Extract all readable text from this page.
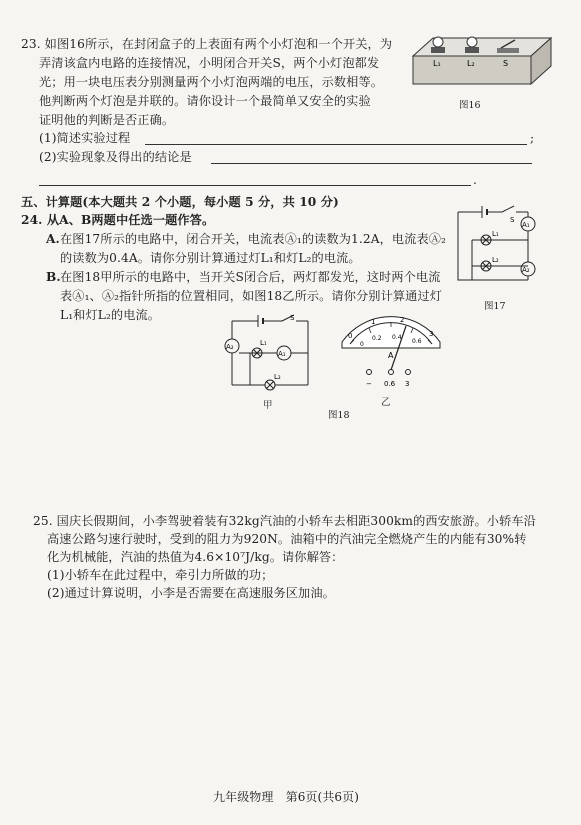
23. 如图16所示，在封闭盒子的上表面有两个小灯泡和一个开关，为
弄清该盒内电路的连接情况，小明闭合开关S，两个小灯泡都发
光；用一块电压表分别测量两个小灯泡两端的电压，示数相等。
他判断两个灯泡是并联的。请你设计一个最简单又安全的实验
证明他的判断是否正确。
(1)简述实验过程	;
(2)实验现象及得出的结论是
.
L₁	L₂	S
图16
五、计算题(本大题共 2 个小题，每小题 5 分，共 10 分)
24. 从A、B两题中任选一题作答。
A. 在图17所示的电路中，闭合开关，电流表Ⓐ₁的读数为1.2A，电流表Ⓐ₂
的读数为0.4A。请你分别计算通过灯L₁和灯L₂的电流。
B. 在图18甲所示的电路中，当开关S闭合后，两灯都发光，这时两个电流
表Ⓐ₁、Ⓐ₂指针所指的位置相同，如图18乙所示。请你分别计算通过灯
L₁和灯L₂的电流。
S
A₁
L₁
L₂
A₂
图17
S
A₂	L₁
A₁
L₂
甲
0
1	2
3
0
0.2 0.4
0.6
A
− 0.6 3
乙
图18
25. 国庆长假期间，小李驾驶着装有32kg汽油的小轿车去相距300km的西安旅游。小轿车沿
高速公路匀速行驶时，受到的阻力为920N。油箱中的汽油完全燃烧产生的内能有30%转
化为机械能，汽油的热值为4.6×10⁷J/kg。请你解答：
(1)小轿车在此过程中，牵引力所做的功；
(2)通过计算说明，小李是否需要在高速服务区加油。
九年级物理　第6页(共6页)
